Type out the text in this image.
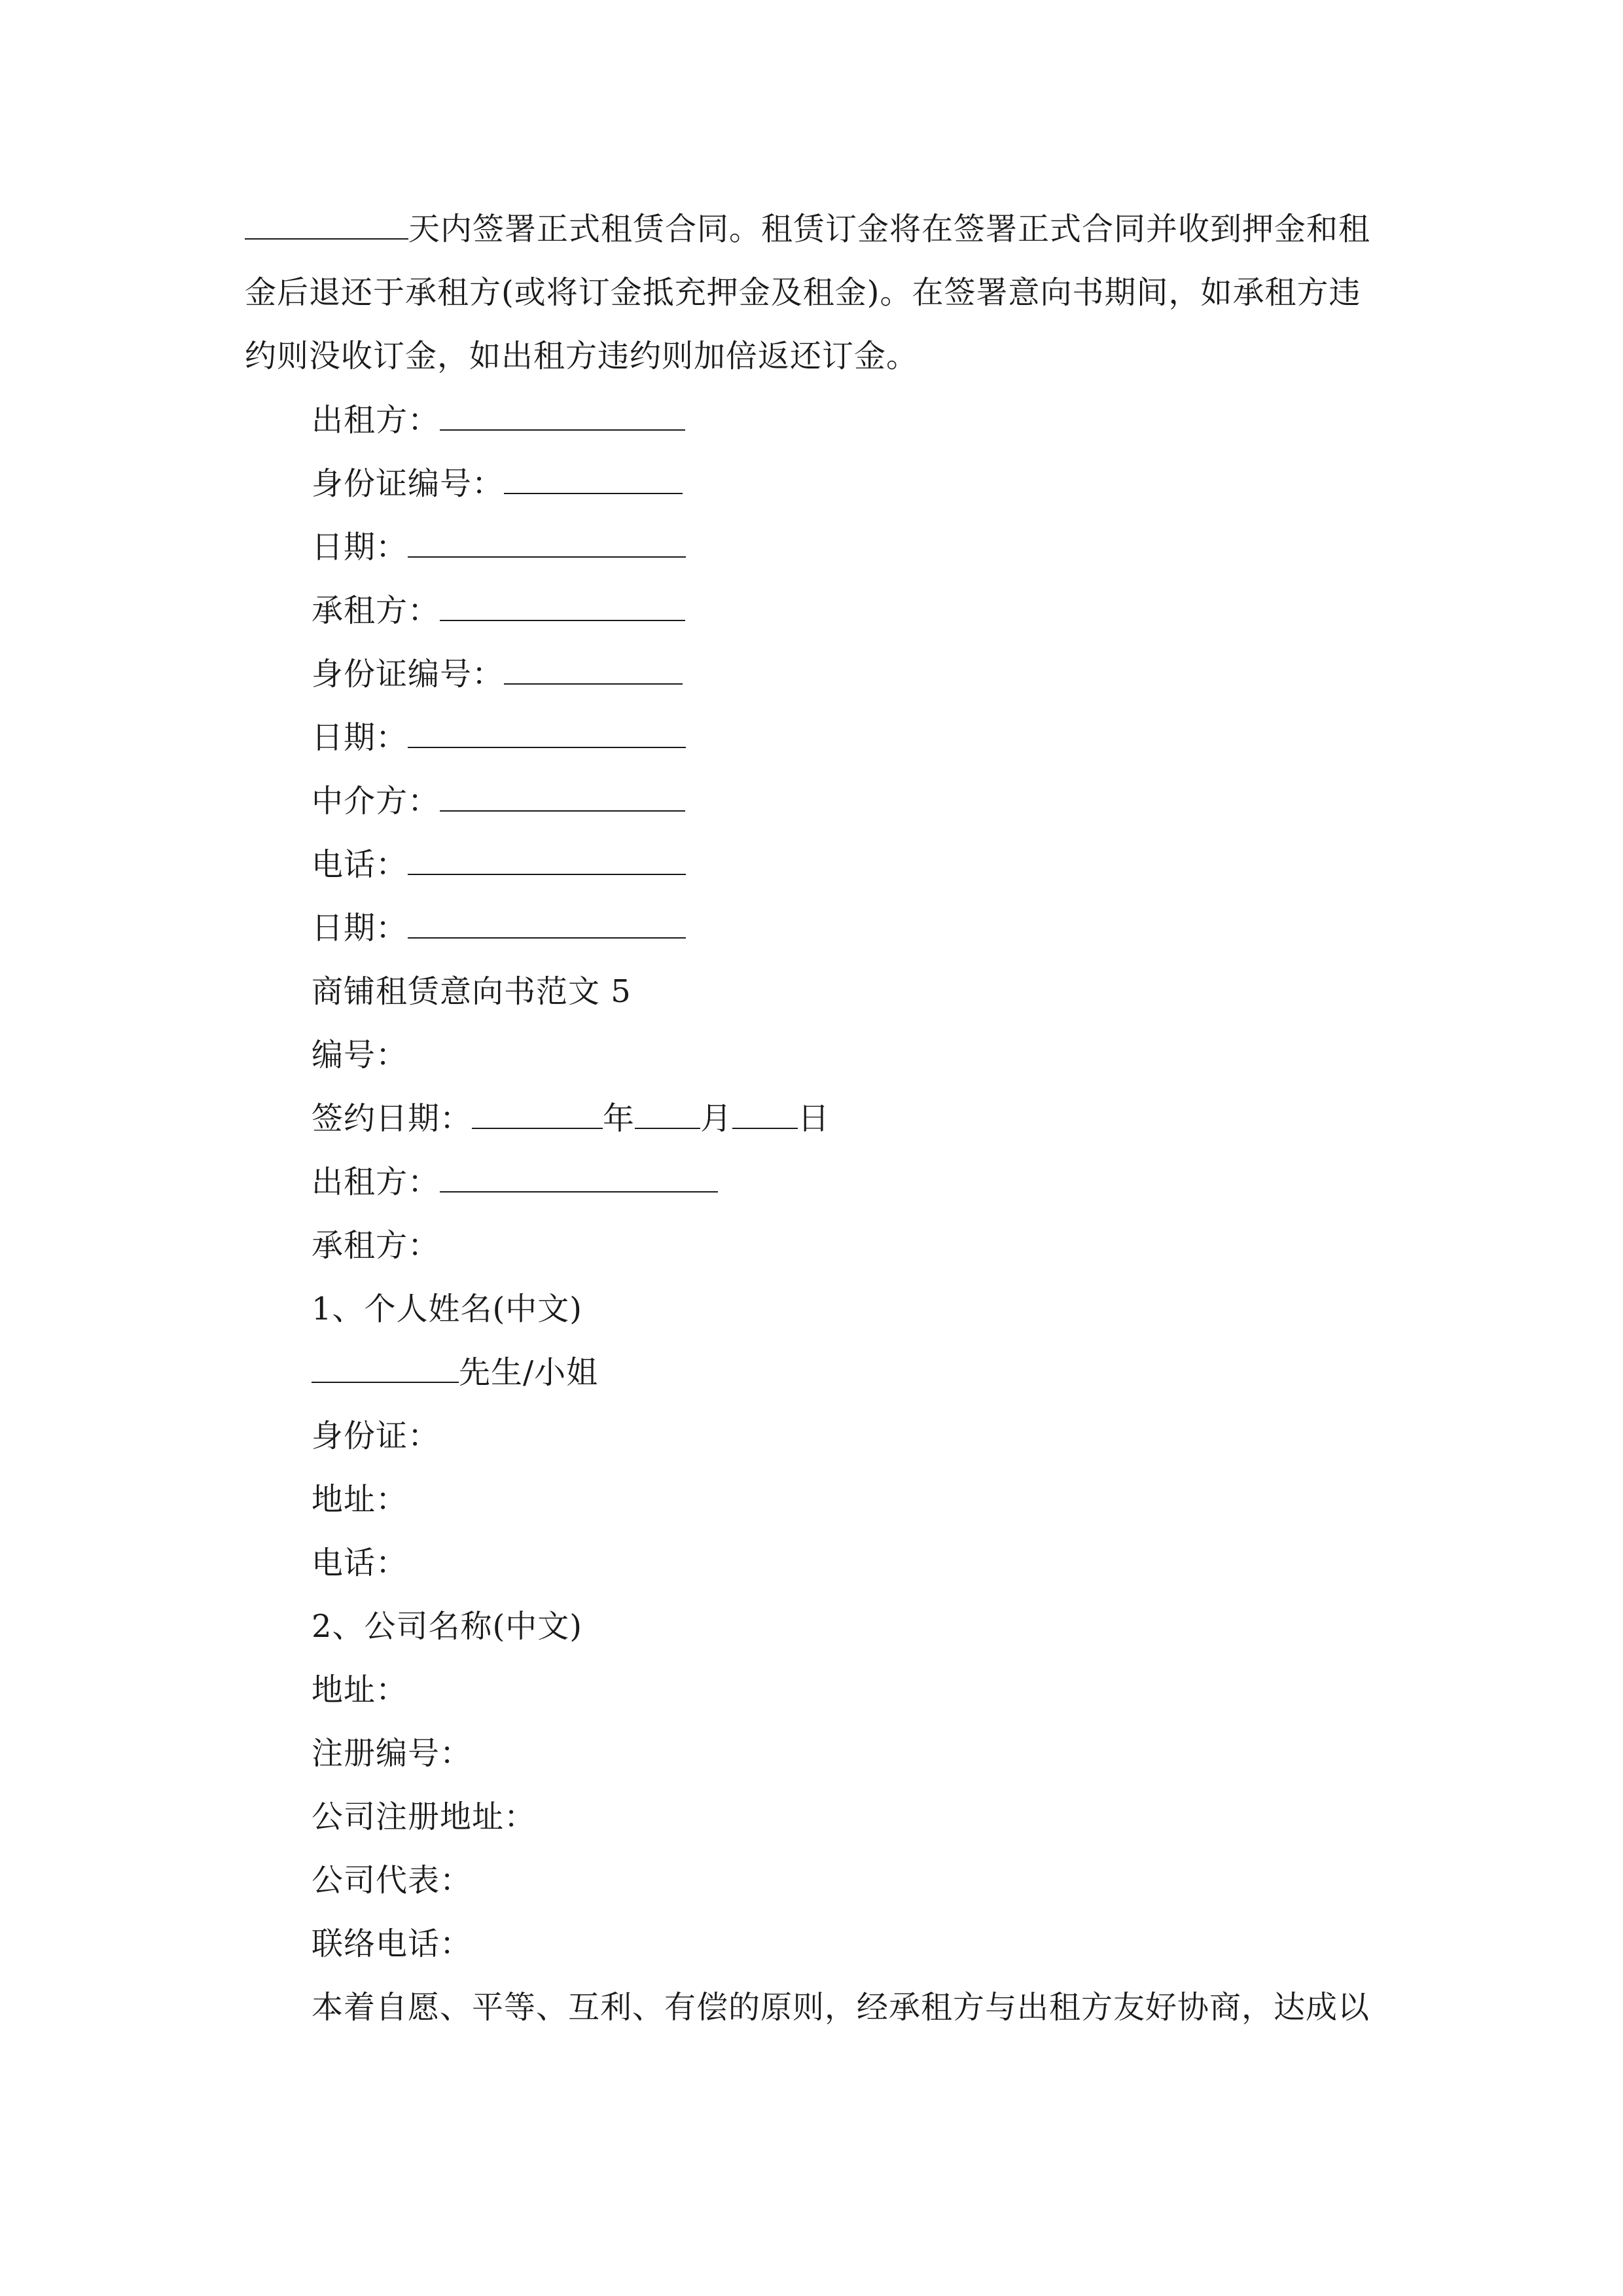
天内签署正式租赁合同。租赁订金将在签署正式合同并收到押金和租
金后退还于承租方(或将订金抵充押金及租金)。在签署意向书期间，如承租方违
约则没收订金，如出租方违约则加倍返还订金。
出租方：
身份证编号：
日期：
承租方：
身份证编号：
日期：
中介方：
电话：
日期：
商铺租赁意向书范文 5
编号：
签约日期：	年 月 日
出租方：
承租方：
1、个人姓名(中文)
先生/小姐
身份证：
地址：
电话：
2、公司名称(中文)
地址：
注册编号：
公司注册地址：
公司代表：
联络电话：
本着自愿、平等、互利、有偿的原则，经承租方与出租方友好协商，达成以
